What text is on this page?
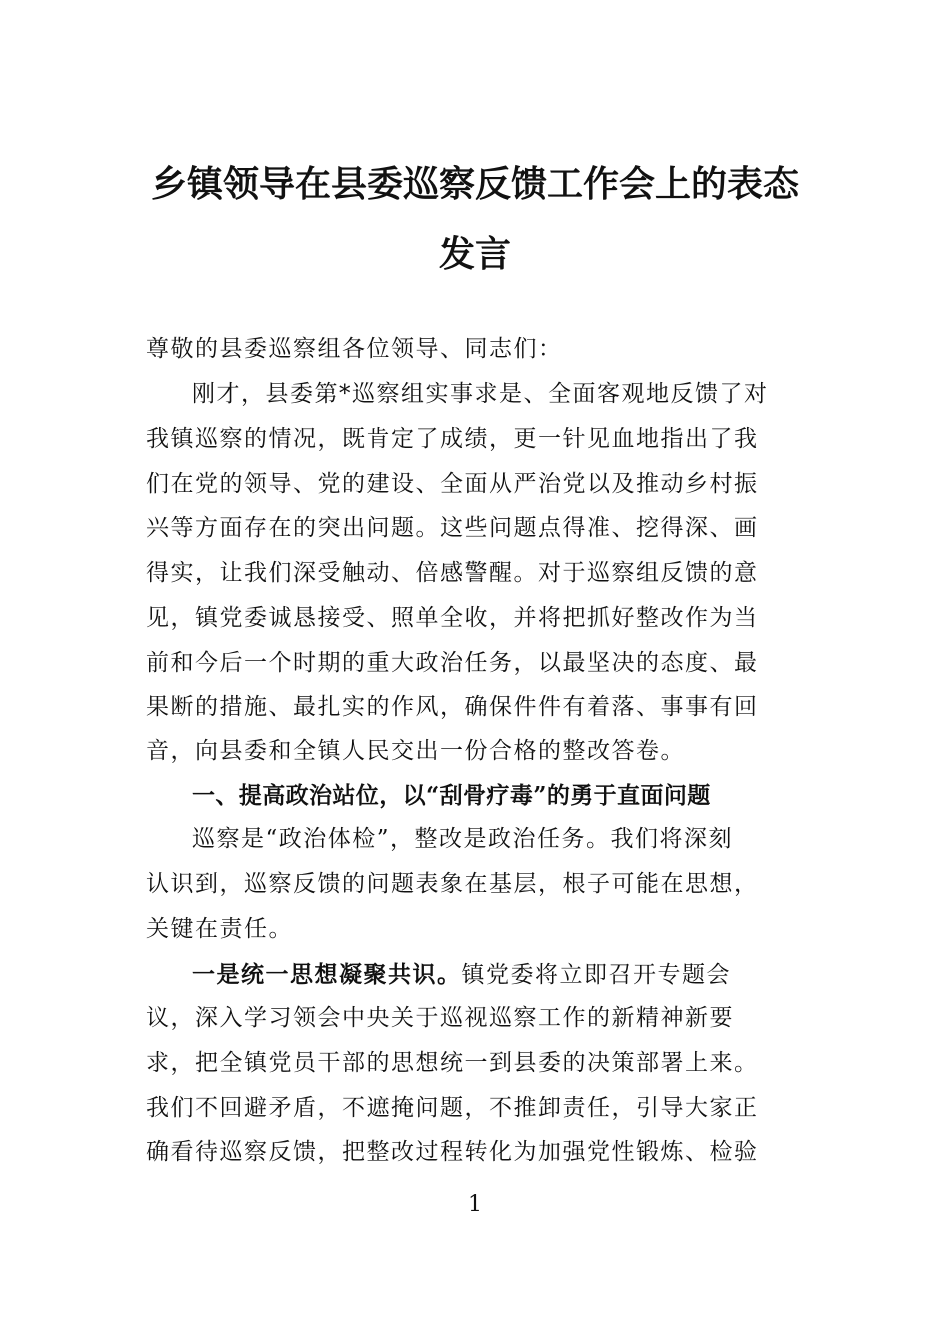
乡镇领导在县委巡察反馈工作会上的表态
发言
尊敬的县委巡察组各位领导、同志们：
刚才，县委第*巡察组实事求是、全面客观地反馈了对
我镇巡察的情况，既肯定了成绩，更一针见血地指出了我
们在党的领导、党的建设、全面从严治党以及推动乡村振
兴等方面存在的突出问题。这些问题点得准、挖得深、画
得实，让我们深受触动、倍感警醒。对于巡察组反馈的意
见，镇党委诚恳接受、照单全收，并将把抓好整改作为当
前和今后一个时期的重大政治任务，以最坚决的态度、最
果断的措施、最扎实的作风，确保件件有着落、事事有回
音，向县委和全镇人民交出一份合格的整改答卷。
一、提高政治站位，以“刮骨疗毒”的勇于直面问题
巡察是“政治体检”，整改是政治任务。我们将深刻
认识到，巡察反馈的问题表象在基层，根子可能在思想，
关键在责任。
一是统一思想凝聚共识。镇党委将立即召开专题会
议，深入学习领会中央关于巡视巡察工作的新精神新要
求，把全镇党员干部的思想统一到县委的决策部署上来。
我们不回避矛盾，不遮掩问题，不推卸责任，引导大家正
确看待巡察反馈，把整改过程转化为加强党性锻炼、检验
1
